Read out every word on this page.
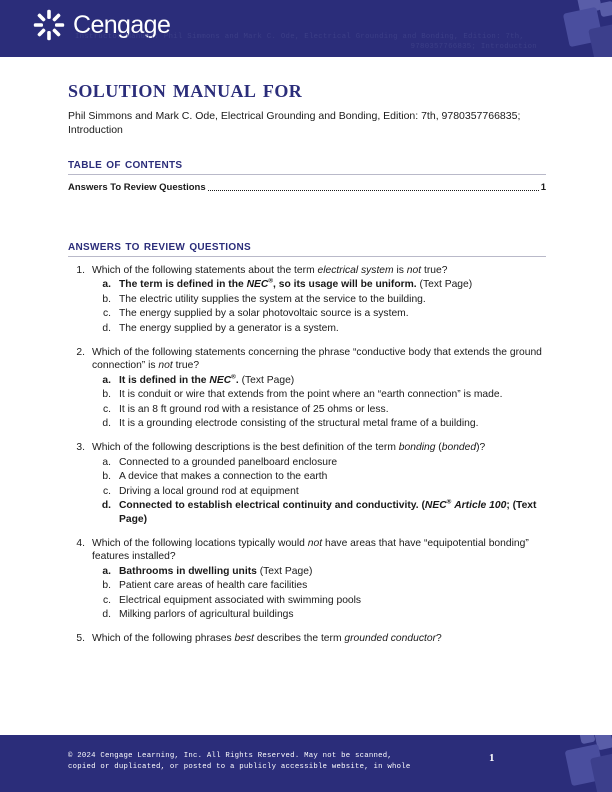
Cengage
Instructor Manual: Phil Simmons and Mark C. Ode, Electrical Grounding and Bonding, Edition: 7th,
9780357766835; Introduction
solution manual for
Phil Simmons and Mark C. Ode, Electrical Grounding and Bonding, Edition: 7th, 9780357766835; Introduction
table of contents
Answers To Review Questions	1
answers to review questions
1. Which of the following statements about the term electrical system is not true?
a. The term is defined in the NEC®, so its usage will be uniform. (Text Page)
b. The electric utility supplies the system at the service to the building.
c. The energy supplied by a solar photovoltaic source is a system.
d. The energy supplied by a generator is a system.
2. Which of the following statements concerning the phrase “conductive body that extends the ground connection” is not true?
a. It is defined in the NEC®. (Text Page)
b. It is conduit or wire that extends from the point where an “earth connection” is made.
c. It is an 8 ft ground rod with a resistance of 25 ohms or less.
d. It is a grounding electrode consisting of the structural metal frame of a building.
3. Which of the following descriptions is the best definition of the term bonding (bonded)?
a. Connected to a grounded panelboard enclosure
b. A device that makes a connection to the earth
c. Driving a local ground rod at equipment
d. Connected to establish electrical continuity and conductivity. (NEC® Article 100; (Text Page)
4. Which of the following locations typically would not have areas that have “equipotential bonding” features installed?
a. Bathrooms in dwelling units (Text Page)
b. Patient care areas of health care facilities
c. Electrical equipment associated with swimming pools
d. Milking parlors of agricultural buildings
5. Which of the following phrases best describes the term grounded conductor?
© 2024 Cengage Learning, Inc. All Rights Reserved. May not be scanned,
copied or duplicated, or posted to a publicly accessible website, in whole
1
